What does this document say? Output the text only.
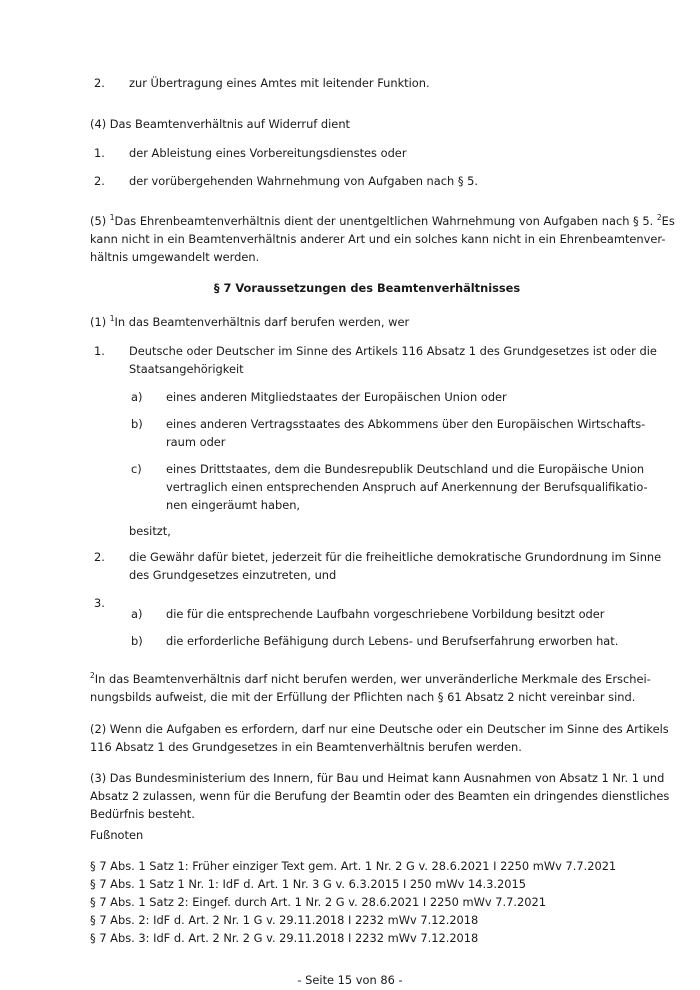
2. zur Übertragung eines Amtes mit leitender Funktion.
(4) Das Beamtenverhältnis auf Widerruf dient
1. der Ableistung eines Vorbereitungsdienstes oder
2. der vorübergehenden Wahrnehmung von Aufgaben nach § 5.
(5) $^1$Das Ehrenbeamtenverhältnis dient der unentgeltlichen Wahrnehmung von Aufgaben nach § 5. $^2$Es
kann nicht in ein Beamtenverhältnis anderer Art und ein solches kann nicht in ein Ehrenbeamtenver-
hältnis umgewandelt werden.
§ 7 Voraussetzungen des Beamtenverhältnisses
(1) $^1$In das Beamtenverhältnis darf berufen werden, wer
1. Deutsche oder Deutscher im Sinne des Artikels 116 Absatz 1 des Grundgesetzes ist oder die
Staatsangehörigkeit
a) eines anderen Mitgliedstaates der Europäischen Union oder
b) eines anderen Vertragsstaates des Abkommens über den Europäischen Wirtschafts-
raum oder
c) eines Drittstaates, dem die Bundesrepublik Deutschland und die Europäische Union
vertraglich einen entsprechenden Anspruch auf Anerkennung der Berufsqualifikatio-
nen eingeräumt haben,
besitzt,
2. die Gewähr dafür bietet, jederzeit für die freiheitliche demokratische Grundordnung im Sinne
des Grundgesetzes einzutreten, und
3.
a) die für die entsprechende Laufbahn vorgeschriebene Vorbildung besitzt oder
b) die erforderliche Befähigung durch Lebens- und Berufserfahrung erworben hat.
$^2$In das Beamtenverhältnis darf nicht berufen werden, wer unveränderliche Merkmale des Erschei-
nungsbilds aufweist, die mit der Erfüllung der Pflichten nach § 61 Absatz 2 nicht vereinbar sind.
(2) Wenn die Aufgaben es erfordern, darf nur eine Deutsche oder ein Deutscher im Sinne des Artikels
116 Absatz 1 des Grundgesetzes in ein Beamtenverhältnis berufen werden.
(3) Das Bundesministerium des Innern, für Bau und Heimat kann Ausnahmen von Absatz 1 Nr. 1 und
Absatz 2 zulassen, wenn für die Berufung der Beamtin oder des Beamten ein dringendes dienstliches
Bedürfnis besteht.
Fußnoten
§ 7 Abs. 1 Satz 1: Früher einziger Text gem. Art. 1 Nr. 2 G v. 28.6.2021 I 2250 mWv 7.7.2021
§ 7 Abs. 1 Satz 1 Nr. 1: IdF d. Art. 1 Nr. 3 G v. 6.3.2015 I 250 mWv 14.3.2015
§ 7 Abs. 1 Satz 2: Eingef. durch Art. 1 Nr. 2 G v. 28.6.2021 I 2250 mWv 7.7.2021
§ 7 Abs. 2: IdF d. Art. 2 Nr. 1 G v. 29.11.2018 I 2232 mWv 7.12.2018
§ 7 Abs. 3: IdF d. Art. 2 Nr. 2 G v. 29.11.2018 I 2232 mWv 7.12.2018
- Seite 15 von 86 -
